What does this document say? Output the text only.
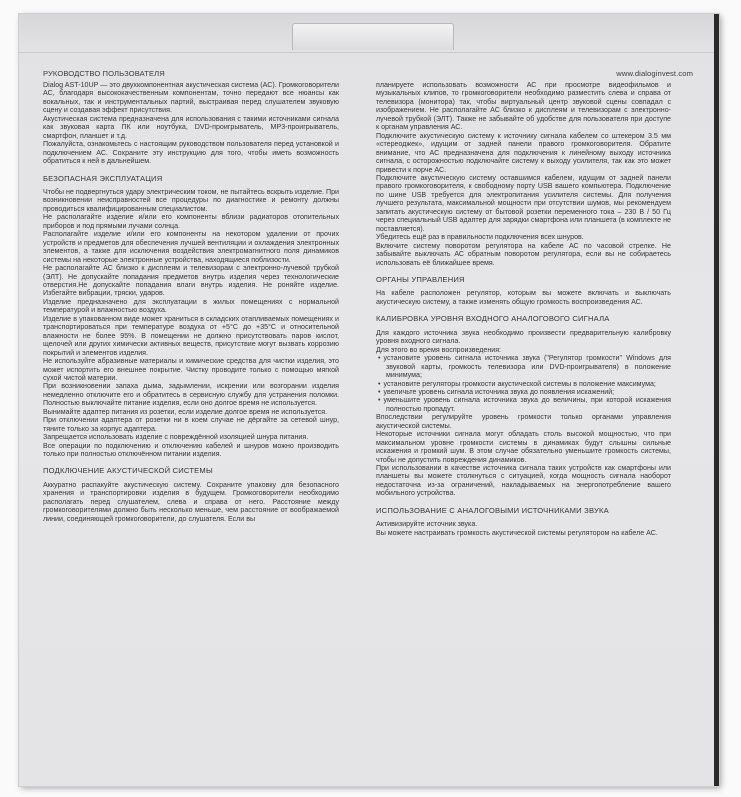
РУКОВОДСТВО ПОЛЬЗОВАТЕЛЯ	www.dialoginvest.com

Dialog AST-10UP — это двухкомпонентная акустическая система (АС). Громкоговорители АС, благодаря высококачественным компонентам, точно передают все нюансы как вокальных, так и инструментальных партий, выстраивая перед слушателем звуковую сцену и создавая эффект присутствия.

Акустическая система предназначена для использования с такими источниками сигнала как звуковая карта ПК или ноутбука, DVD-проигрыватель, MP3-проигрыватель, смартфон, планшет и т.д.

Пожалуйста, ознакомьтесь с настоящим руководством пользователя перед установкой и подключением АС. Сохраните эту инструкцию для того, чтобы иметь возможность обратиться к ней в дальнейшем.

БЕЗОПАСНАЯ ЭКСПЛУАТАЦИЯ

Чтобы не подвергнуться удару электрическим током, не пытайтесь вскрыть изделие. При возникновении неисправностей все процедуры по диагностике и ремонту должны проводиться квалифицированным специалистом.

Не располагайте изделие и/или его компоненты вблизи радиаторов отопительных приборов и под прямыми лучами солнца.

Располагайте изделие и/или его компоненты на некотором удалении от прочих устройств и предметов для обеспечения лучшей вентиляции и охлаждения электронных элементов, а также для исключения воздействия электромагнитного поля динамиков системы на некоторые электронные устройства, находящиеся поблизости.

Не располагайте АС близко к дисплеям и телевизорам с электронно-лучевой трубкой (ЭЛТ). Не допускайте попадания предметов внутрь изделия через технологические отверстия.Не допускайте попадания влаги внутрь изделия. Не роняйте изделие. Избегайте вибрации, тряски, ударов.

Изделие предназначено для эксплуатации в жилых помещениях с нормальной температурой и влажностью воздуха.

Изделие в упакованном виде может храниться в складских отапливаемых помещениях и транспортироваться при температуре воздуха от +5°С до +35°С и относительной влажности не более 95%. В помещении не должно присутствовать паров кислот, щелочей или других химически активных веществ, присутствие могут вызвать коррозию покрытий и элементов изделия.

Не используйте абразивные материалы и химические средства для чистки изделия, это может испортить его внешнее покрытие. Чистку проводите только с помощью мягкой сухой чистой материи.

При возникновении запаха дыма, задымлении, искрении или возгорании изделия немедленно отключите его и обратитесь в сервисную службу для устранения поломки. Полностью выключайте питание изделия, если оно долгое время не используется.

Вынимайте адаптер питания из розетки, если изделие долгое время не используется.

При отключении адаптера от розетки ни в коем случае не дёргайте за сетевой шнур, тяните только за корпус адаптера.

Запрещается использовать изделие с повреждённой изоляцией шнура питания.

Все операции по подключению и отключению кабелей и шнуров можно производить только при полностью отключённом питании изделия.

ПОДКЛЮЧЕНИЕ АКУСТИЧЕСКОЙ СИСТЕМЫ

Аккуратно распакуйте акустическую систему. Сохраните упаковку для безопасного хранения и транспортировки изделия в будущем. Громкоговорители необходимо располагать перед слушателем, слева и справа от него. Расстояние между громкоговорителями должно быть несколько меньше, чем расстояние от воображаемой линии, соединяющей громкоговорители, до слушателя. Если вы

планируете использовать возможности АС при просмотре видеофильмов и музыкальных клипов, то громкоговорители необходимо разместить слева и справа от телевизора (монитора) так, чтобы виртуальный центр звуковой сцены совпадал с изображением. Не располагайте АС близко к дисплеям и телевизорам с электронно-лучевой трубкой (ЭЛТ). Также не забывайте об удобстве для пользователя при доступе к органам управления АС.

Подключите акустическую систему к источнику сигнала кабелем со штекером 3.5 мм «стереоджек», идущим от задней панели правого громкоговорителя. Обратите внимание, что АС предназначена для подключения к линейному выходу источника сигнала, с осторожностью подключайте систему к выходу усилителя, так как это может привести к порче АС.

Подключите акустическую систему оставшимся кабелем, идущим от задней панели правого громкоговорителя, к свободному порту USB вашего компьютера. Подключение по шине USB требуется для электропитания усилителя системы. Для получения лучшего результата, максимальной мощности при отсутствии шумов, мы рекомендуем запитать акустическую систему от бытовой розетки переменного тока – 230 В / 50 Гц через специальный USB адаптер для зарядки смартфона или планшета (в комплекте не поставляется).

Убедитесь ещё раз в правильности подключения всех шнуров.

Включите систему поворотом регулятора на кабеле АС по часовой стрелке. Не забывайте выключать АС обратным поворотом регулятора, если вы не собираетесь использовать её ближайшее время.

ОРГАНЫ УПРАВЛЕНИЯ

На кабеле расположен регулятор, которым вы можете включать и выключать акустическую систему, а также изменять общую громкость воспроизведения АС.

КАЛИБРОВКА УРОВНЯ ВХОДНОГО АНАЛОГОВОГО СИГНАЛА

Для каждого источника звука необходимо произвести предварительную калибровку уровня входного сигнала.

Для этого во время воспроизведения:

• установите уровень сигнала источника звука ("Регулятор громкости" Windows для звуковой карты, громкость телевизора или DVD-проигрывателя) в положение минимума;

• установите регуляторы громкости акустической системы в положение максимума;

• увеличьте уровень сигнала источника звука до появления искажений;

• уменьшите уровень сигнала источника звука до величины, при которой искажения полностью пропадут.

Впоследствии регулируйте уровень громкости только органами управления акустической системы.

Некоторые источники сигнала могут обладать столь высокой мощностью, что при максимальном уровне громкости системы в динамиках будут слышны сильные искажения и громкий шум. В этом случае обязательно уменьшите громкость системы, чтобы не допустить повреждения динамиков.

При использовании в качестве источника сигнала таких устройств как смартфоны или планшеты вы можете столкнуться с ситуацией, когда мощность сигнала наоборот недостаточна из-за ограничений, накладываемых на энергопотребление вашего мобильного устройства.

ИСПОЛЬЗОВАНИЕ С АНАЛОГОВЫМИ ИСТОЧНИКАМИ ЗВУКА

Активизируйте источник звука.

Вы можете настраивать громкость акустической системы регулятором на кабеле АС.
